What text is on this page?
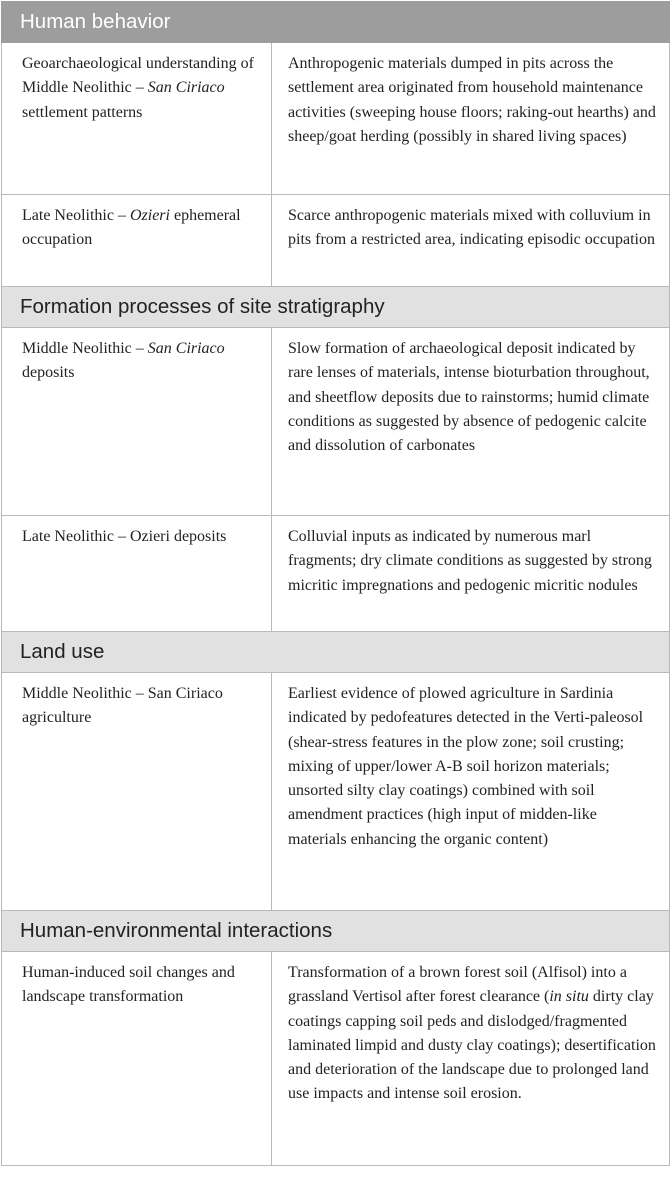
Human behavior	
Geoarchaeological understanding of Middle Neolithic – San Ciriaco settlement patterns	Anthropogenic materials dumped in pits across the settlement area originated from household maintenance activities (sweeping house floors; raking-out hearths) and sheep/goat herding (possibly in shared living spaces)
Late Neolithic – Ozieri ephemeral occupation	Scarce anthropogenic materials mixed with colluvium in pits from a restricted area, indicating episodic occupation
Formation processes of site stratigraphy	
Middle Neolithic – San Ciriaco deposits	Slow formation of archaeological deposit indicated by rare lenses of materials, intense bioturbation throughout, and sheetflow deposits due to rainstorms; humid climate conditions as suggested by absence of pedogenic calcite and dissolution of carbonates
Late Neolithic – Ozieri deposits	Colluvial inputs as indicated by numerous marl fragments; dry climate conditions as suggested by strong micritic impregnations and pedogenic micritic nodules
Land use	
Middle Neolithic – San Ciriaco agriculture	Earliest evidence of plowed agriculture in Sardinia indicated by pedofeatures detected in the Verti-paleosol (shear-stress features in the plow zone; soil crusting; mixing of upper/lower A-B soil horizon materials; unsorted silty clay coatings) combined with soil amendment practices (high input of midden-like materials enhancing the organic content)
Human-environmental interactions	
Human-induced soil changes and landscape transformation	Transformation of a brown forest soil (Alfisol) into a grassland Vertisol after forest clearance (in situ dirty clay coatings capping soil peds and dislodged/fragmented laminated limpid and dusty clay coatings); desertification and deterioration of the landscape due to prolonged land use impacts and intense soil erosion.
